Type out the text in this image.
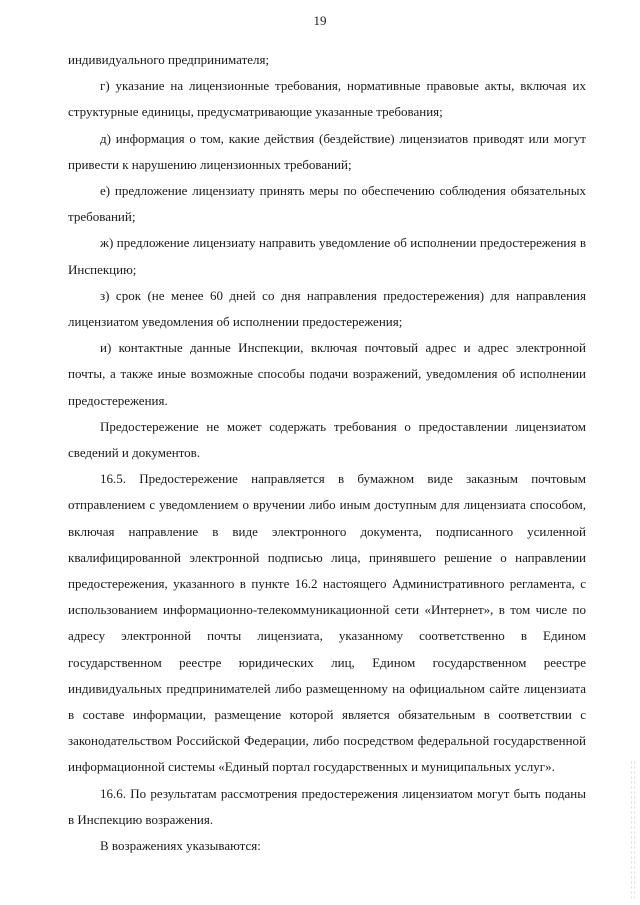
19

индивидуального предпринимателя;

г) указание на лицензионные требования, нормативные правовые акты, включая их структурные единицы, предусматривающие указанные требования;

д) информация о том, какие действия (бездействие) лицензиатов приводят или могут привести к нарушению лицензионных требований;

е) предложение лицензиату принять меры по обеспечению соблюдения обязательных требований;

ж) предложение лицензиату направить уведомление об исполнении предостережения в Инспекцию;

з) срок (не менее 60 дней со дня направления предостережения) для направления лицензиатом уведомления об исполнении предостережения;

и) контактные данные Инспекции, включая почтовый адрес и адрес электронной почты, а также иные возможные способы подачи возражений, уведомления об исполнении предостережения.

Предостережение не может содержать требования о предоставлении лицензиатом сведений и документов.

16.5. Предостережение направляется в бумажном виде заказным почтовым отправлением с уведомлением о вручении либо иным доступным для лицензиата способом, включая направление в виде электронного документа, подписанного усиленной квалифицированной электронной подписью лица, принявшего решение о направлении предостережения, указанного в пункте 16.2 настоящего Административного регламента, с использованием информационно-телекоммуникационной сети «Интернет», в том числе по адресу электронной почты лицензиата, указанному соответственно в Едином государственном реестре юридических лиц, Едином государственном реестре индивидуальных предпринимателей либо размещенному на официальном сайте лицензиата в составе информации, размещение которой является обязательным в соответствии с законодательством Российской Федерации, либо посредством федеральной государственной информационной системы «Единый портал государственных и муниципальных услуг».

16.6. По результатам рассмотрения предостережения лицензиатом могут быть поданы в Инспекцию возражения.

В возражениях указываются:
